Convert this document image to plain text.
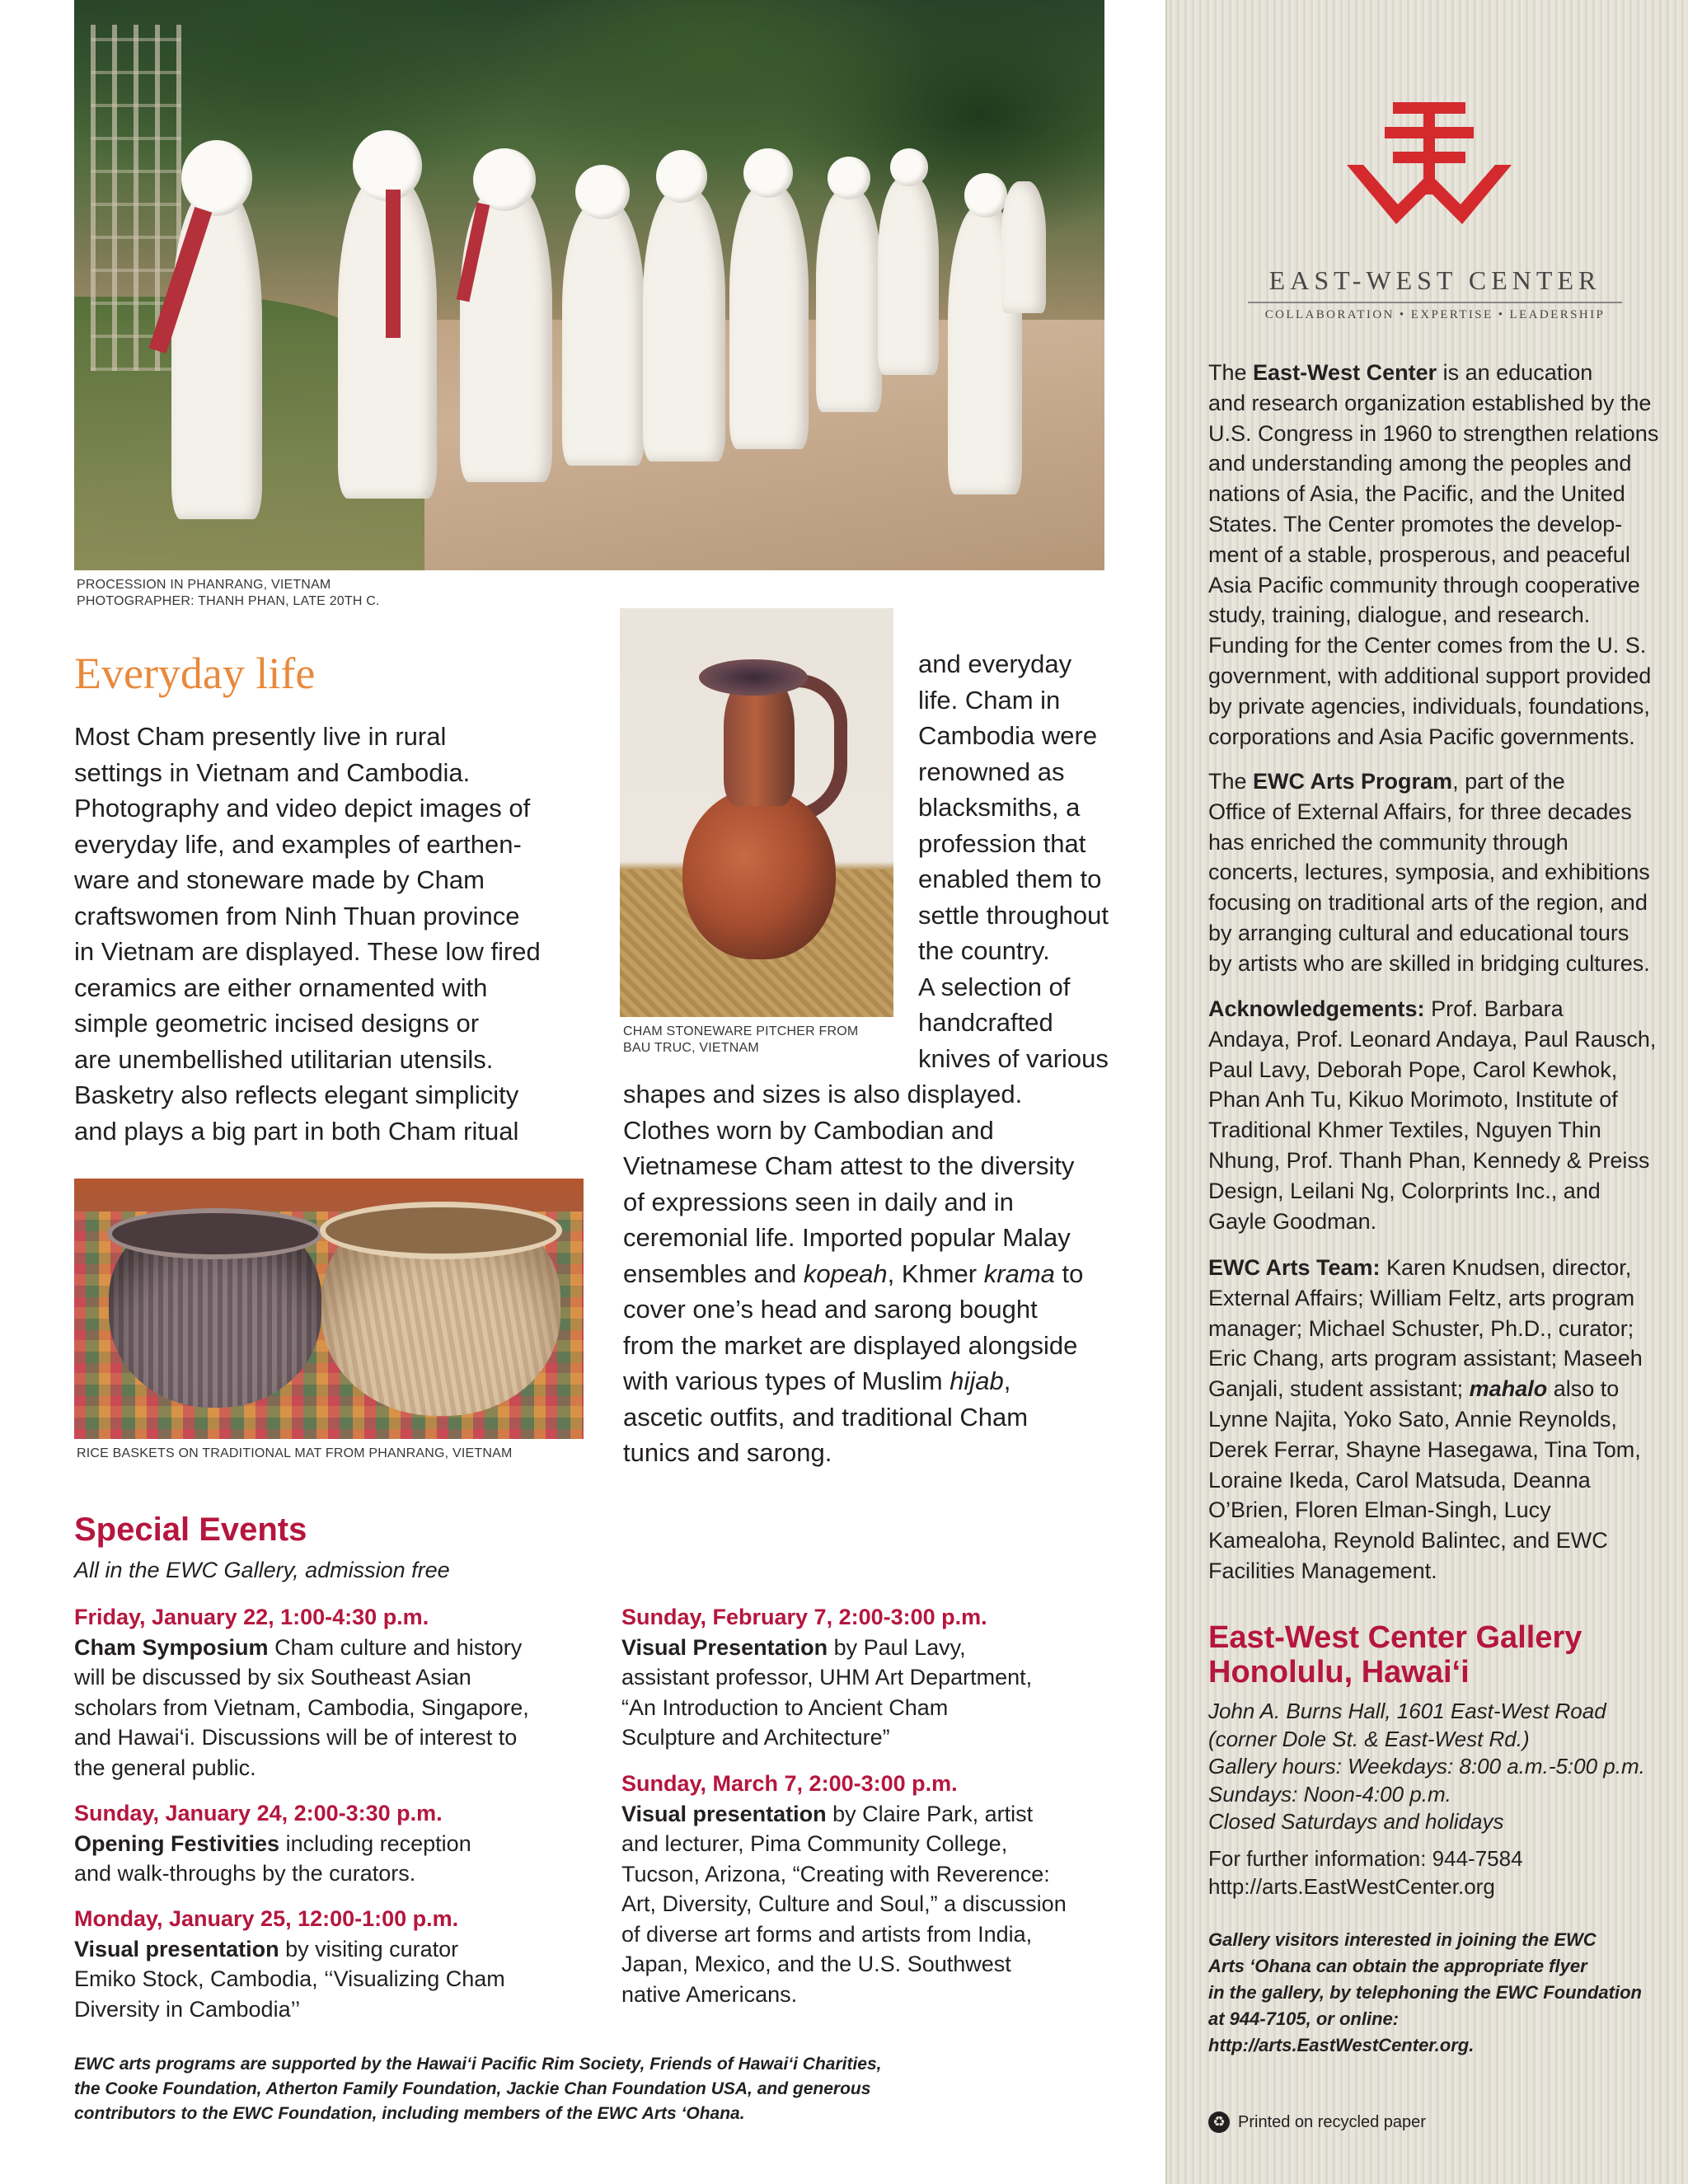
PROCESSION IN PHANRANG, VIETNAM
PHOTOGRAPHER: THANH PHAN, LATE 20TH C.
CHAM STONEWARE PITCHER FROM
BAU TRUC, VIETNAM
RICE BASKETS ON TRADITIONAL MAT FROM PHANRANG, VIETNAM
Everyday life
Most Cham presently live in rural
settings in Vietnam and Cambodia.
Photography and video depict images of
everyday life, and examples of earthen-
ware and stoneware made by Cham
craftswomen from Ninh Thuan province
in Vietnam are displayed. These low fired
ceramics are either ornamented with
simple geometric incised designs or
are unembellished utilitarian utensils.
Basketry also reflects elegant simplicity
and plays a big part in both Cham ritual
and everyday
life. Cham in
Cambodia were
renowned as
blacksmiths, a
profession that
enabled them to
settle throughout
the country.
A selection of
handcrafted
knives of various
shapes and sizes is also displayed.
Clothes worn by Cambodian and
Vietnamese Cham attest to the diversity
of expressions seen in daily and in
ceremonial life. Imported popular Malay
ensembles and kopeah, Khmer krama to
cover one’s head and sarong bought
from the market are displayed alongside
with various types of Muslim hijab,
ascetic outfits, and traditional Cham
tunics and sarong.
Special Events
All in the EWC Gallery, admission free
Friday, January 22, 1:00-4:30 p.m.
Cham Symposium Cham culture and history
will be discussed by six Southeast Asian
scholars from Vietnam, Cambodia, Singapore,
and Hawai‘i. Discussions will be of interest to
the general public.
Sunday, January 24, 2:00-3:30 p.m.
Opening Festivities including reception
and walk-throughs by the curators.
Monday, January 25, 12:00-1:00 p.m.
Visual presentation by visiting curator
Emiko Stock, Cambodia, ‘‘Visualizing Cham
Diversity in Cambodia’’
Sunday, February 7, 2:00-3:00 p.m.
Visual Presentation by Paul Lavy,
assistant professor, UHM Art Department,
“An Introduction to Ancient Cham
Sculpture and Architecture”
Sunday, March 7, 2:00-3:00 p.m.
Visual presentation by Claire Park, artist
and lecturer, Pima Community College,
Tucson, Arizona, “Creating with Reverence:
Art, Diversity, Culture and Soul,” a discussion
of diverse art forms and artists from India,
Japan, Mexico, and the U.S. Southwest
native Americans.
EWC arts programs are supported by the Hawai‘i Pacific Rim Society, Friends of Hawai‘i Charities,
the Cooke Foundation, Atherton Family Foundation, Jackie Chan Foundation USA, and generous
contributors to the EWC Foundation, including members of the EWC Arts ‘Ohana.
EAST-WEST CENTER
COLLABORATION • EXPERTISE • LEADERSHIP
The East-West Center is an education
and research organization established by the
U.S. Congress in 1960 to strengthen relations
and understanding among the peoples and
nations of Asia, the Pacific, and the United
States. The Center promotes the develop-
ment of a stable, prosperous, and peaceful
Asia Pacific community through cooperative
study, training, dialogue, and research.
Funding for the Center comes from the U. S.
government, with additional support provided
by private agencies, individuals, foundations,
corporations and Asia Pacific governments.
The EWC Arts Program, part of the
Office of External Affairs, for three decades
has enriched the community through
concerts, lectures, symposia, and exhibitions
focusing on traditional arts of the region, and
by arranging cultural and educational tours
by artists who are skilled in bridging cultures.
Acknowledgements: Prof. Barbara
Andaya, Prof. Leonard Andaya, Paul Rausch,
Paul Lavy, Deborah Pope, Carol Kewhok,
Phan Anh Tu, Kikuo Morimoto, Institute of
Traditional Khmer Textiles, Nguyen Thin
Nhung, Prof. Thanh Phan, Kennedy & Preiss
Design, Leilani Ng, Colorprints Inc., and
Gayle Goodman.
EWC Arts Team: Karen Knudsen, director,
External Affairs; William Feltz, arts program
manager; Michael Schuster, Ph.D., curator;
Eric Chang, arts program assistant; Maseeh
Ganjali, student assistant; mahalo also to
Lynne Najita, Yoko Sato, Annie Reynolds,
Derek Ferrar, Shayne Hasegawa, Tina Tom,
Loraine Ikeda, Carol Matsuda, Deanna
O’Brien, Floren Elman-Singh, Lucy
Kamealoha, Reynold Balintec, and EWC
Facilities Management.
East-West Center Gallery
Honolulu, Hawai‘i
John A. Burns Hall, 1601 East-West Road
(corner Dole St. & East-West Rd.)
Gallery hours: Weekdays: 8:00 a.m.-5:00 p.m.
Sundays: Noon-4:00 p.m.
Closed Saturdays and holidays
For further information: 944-7584
http://arts.EastWestCenter.org
Gallery visitors interested in joining the EWC
Arts ‘Ohana can obtain the appropriate flyer
in the gallery, by telephoning the EWC Foundation
at 944-7105, or online:
http://arts.EastWestCenter.org.
♻ Printed on recycled paper
